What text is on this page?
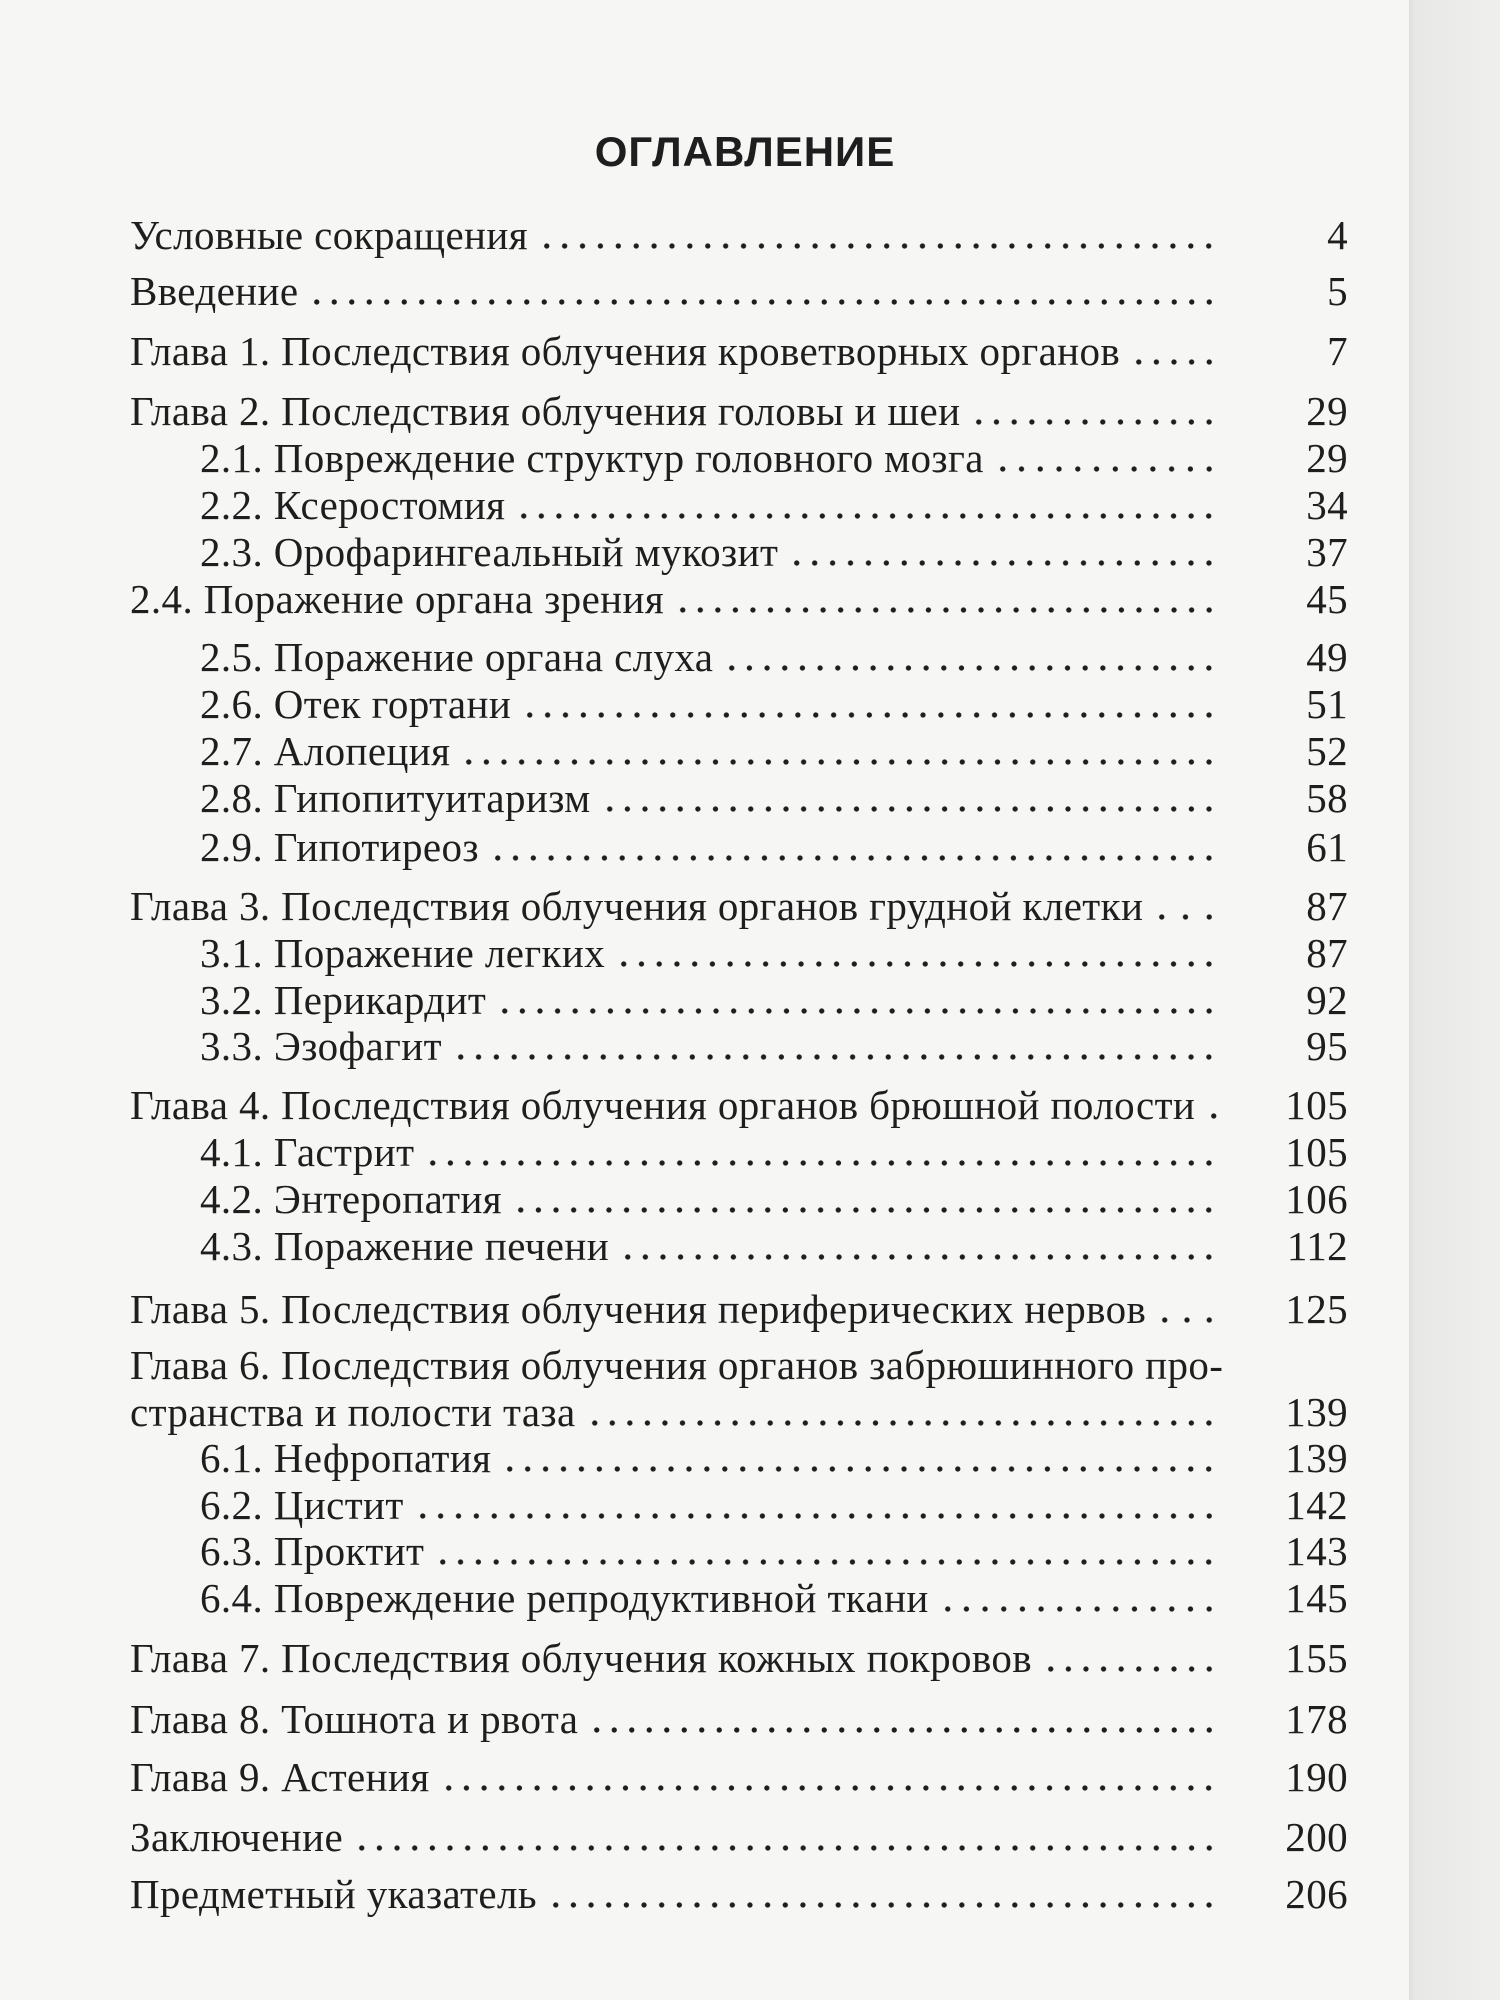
ОГЛАВЛЕНИЕ
Условные сокращения	4
Введение	5
Глава 1. Последствия облучения кроветворных органов	7
Глава 2. Последствия облучения головы и шеи	29
2.1. Повреждение структур головного мозга	29
2.2. Ксеростомия	34
2.3. Орофарингеальный мукозит	37
2.4. Поражение органа зрения	45
2.5. Поражение органа слуха	49
2.6. Отек гортани	51
2.7. Алопеция	52
2.8. Гипопитуитаризм	58
2.9. Гипотиреоз	61
Глава 3. Последствия облучения органов грудной клетки	87
3.1. Поражение легких	87
3.2. Перикардит	92
3.3. Эзофагит	95
Глава 4. Последствия облучения органов брюшной полости	105
4.1. Гастрит	105
4.2. Энтеропатия	106
4.3. Поражение печени	112
Глава 5. Последствия облучения периферических нервов	125
Глава 6. Последствия облучения органов забрюшинного про-
странства и полости таза	139
6.1. Нефропатия	139
6.2. Цистит	142
6.3. Проктит	143
6.4. Повреждение репродуктивной ткани	145
Глава 7. Последствия облучения кожных покровов	155
Глава 8. Тошнота и рвота	178
Глава 9. Астения	190
Заключение	200
Предметный указатель	206
